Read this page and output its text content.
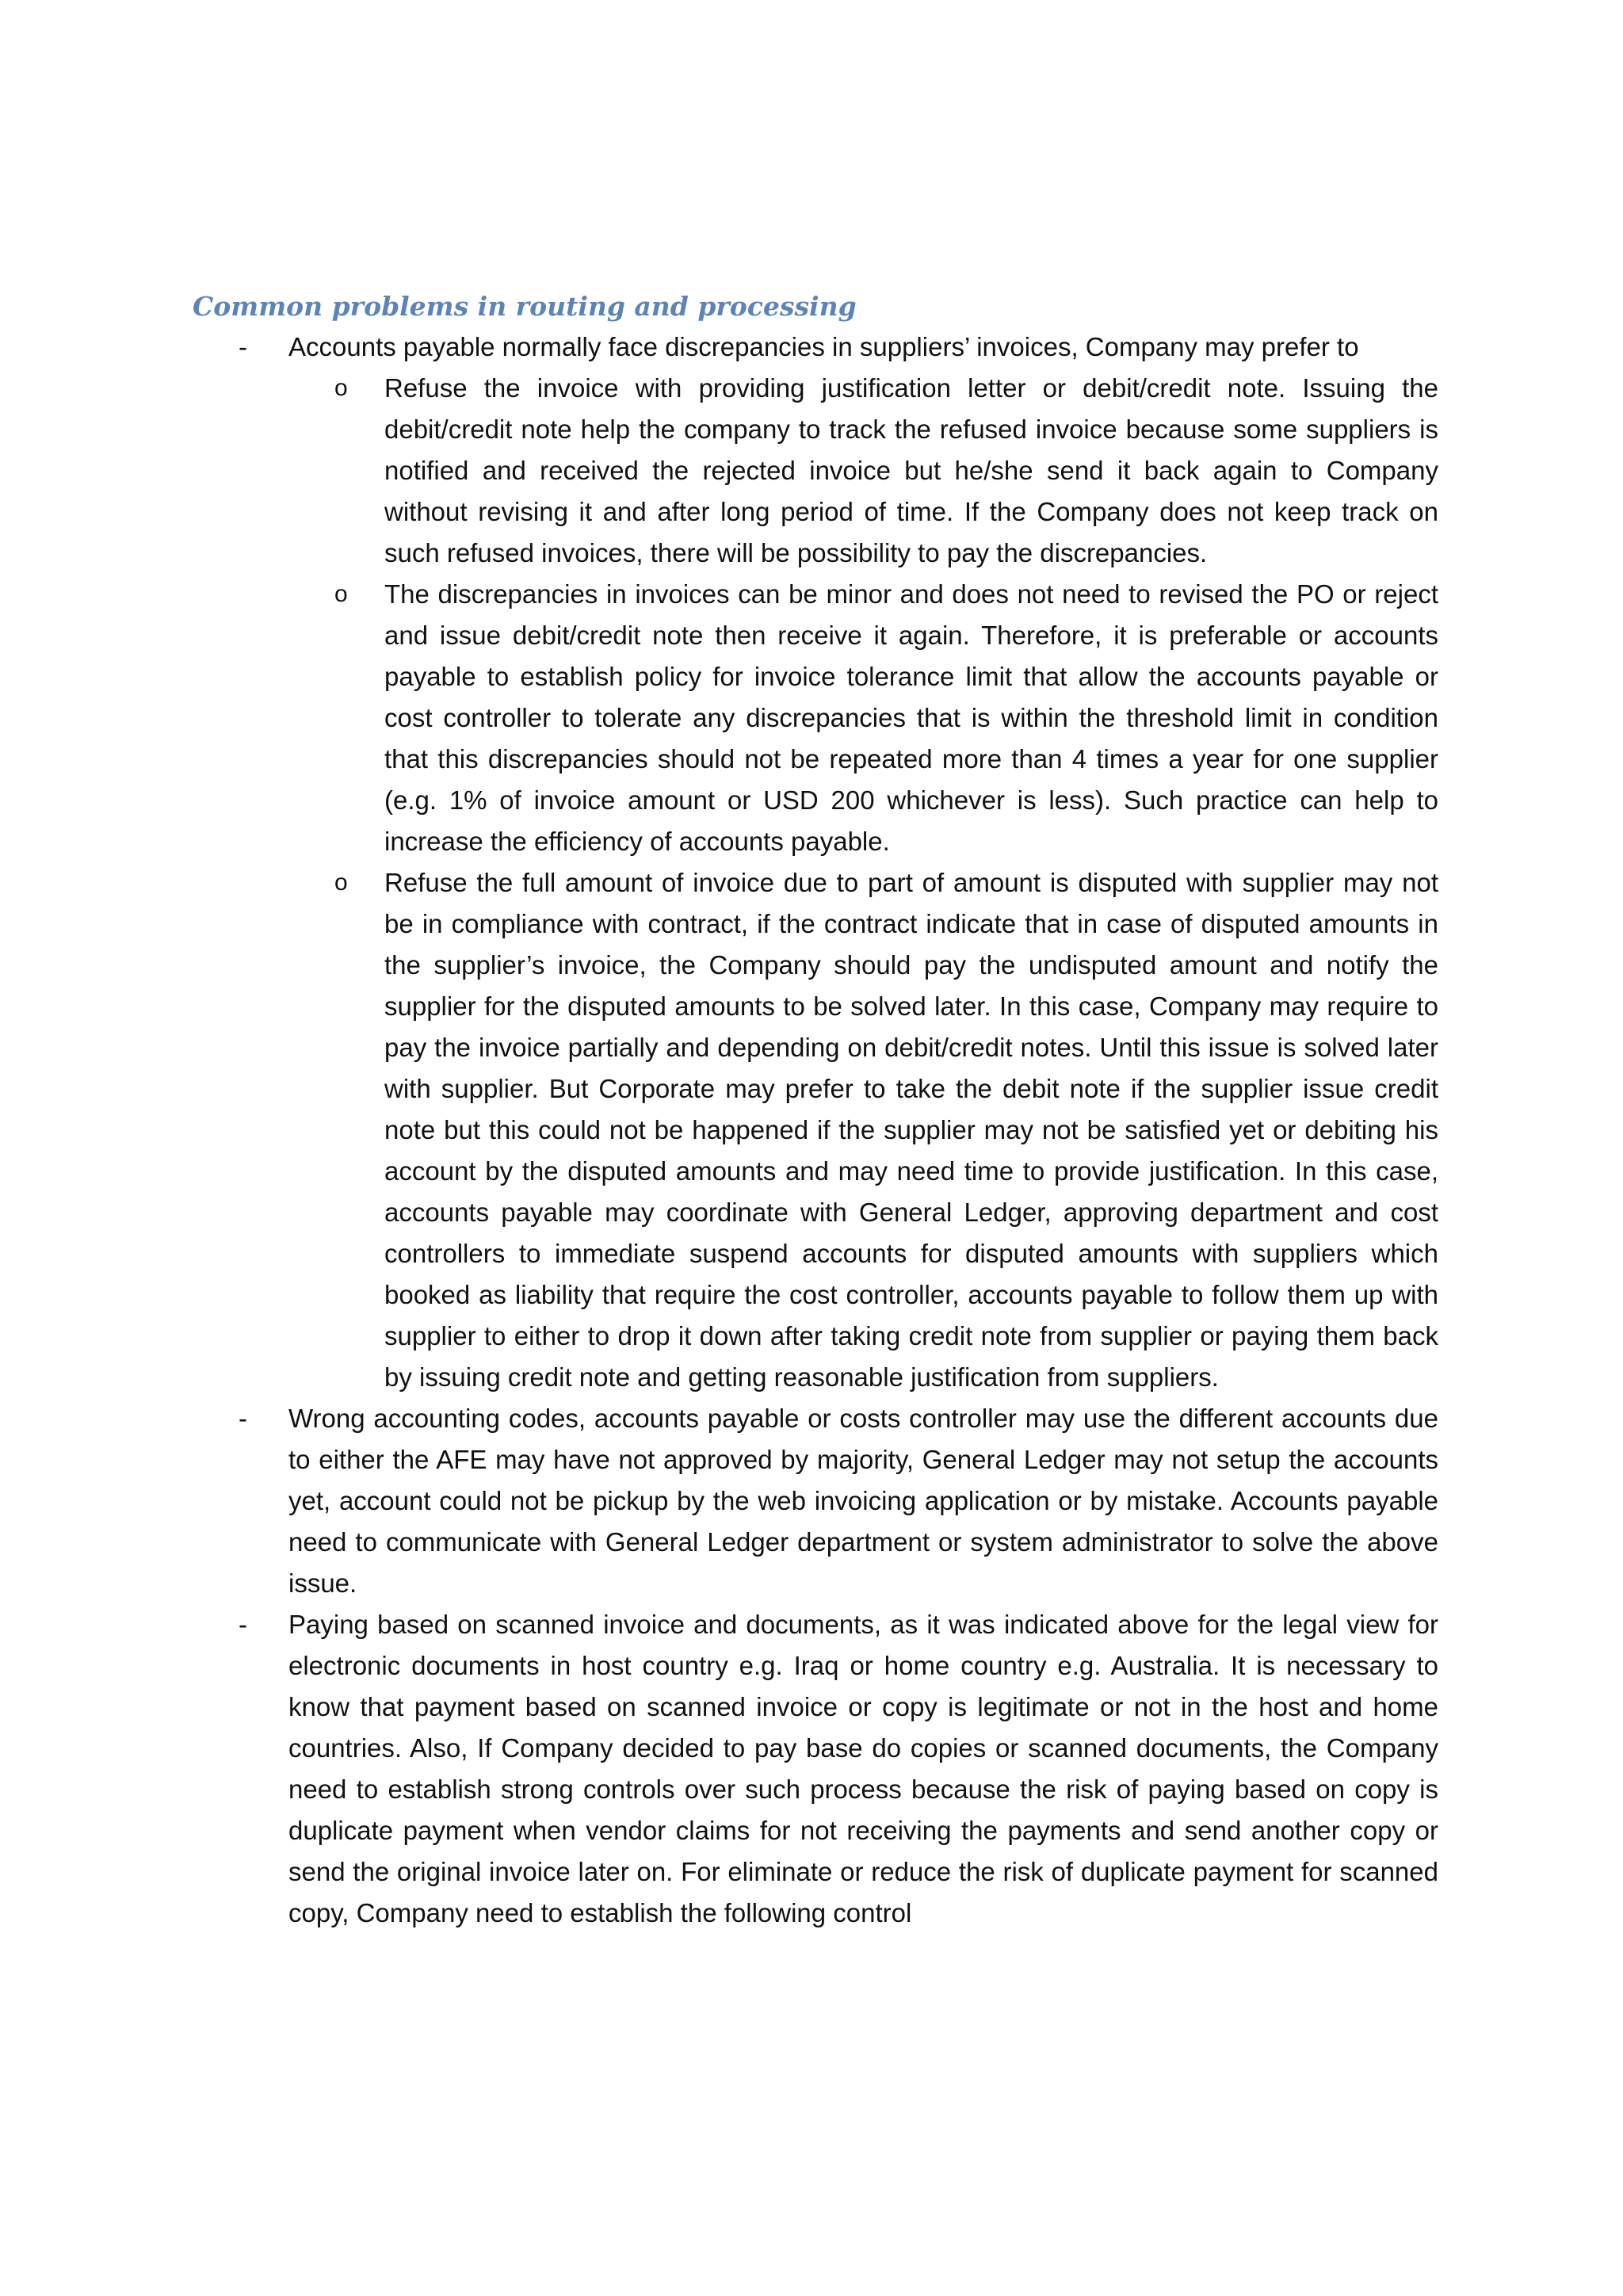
Common problems in routing and processing

- Accounts payable normally face discrepancies in suppliers’ invoices, Company may prefer to

o Refuse the invoice with providing justification letter or debit/credit note. Issuing the debit/credit note help the company to track the refused invoice because some suppliers is notified and received the rejected invoice but he/she send it back again to Company without revising it and after long period of time. If the Company does not keep track on such refused invoices, there will be possibility to pay the discrepancies.

o The discrepancies in invoices can be minor and does not need to revised the PO or reject and issue debit/credit note then receive it again. Therefore, it is preferable or accounts payable to establish policy for invoice tolerance limit that allow the accounts payable or cost controller to tolerate any discrepancies that is within the threshold limit in condition that this discrepancies should not be repeated more than 4 times a year for one supplier (e.g. 1% of invoice amount or USD 200 whichever is less). Such practice can help to increase the efficiency of accounts payable.

o Refuse the full amount of invoice due to part of amount is disputed with supplier may not be in compliance with contract, if the contract indicate that in case of disputed amounts in the supplier’s invoice, the Company should pay the undisputed amount and notify the supplier for the disputed amounts to be solved later. In this case, Company may require to pay the invoice partially and depending on debit/credit notes. Until this issue is solved later with supplier. But Corporate may prefer to take the debit note if the supplier issue credit note but this could not be happened if the supplier may not be satisfied yet or debiting his account by the disputed amounts and may need time to provide justification. In this case, accounts payable may coordinate with General Ledger, approving department and cost controllers to immediate suspend accounts for disputed amounts with suppliers which booked as liability that require the cost controller, accounts payable to follow them up with supplier to either to drop it down after taking credit note from supplier or paying them back by issuing credit note and getting reasonable justification from suppliers.

- Wrong accounting codes, accounts payable or costs controller may use the different accounts due to either the AFE may have not approved by majority, General Ledger may not setup the accounts yet, account could not be pickup by the web invoicing application or by mistake. Accounts payable need to communicate with General Ledger department or system administrator to solve the above issue.

- Paying based on scanned invoice and documents, as it was indicated above for the legal view for electronic documents in host country e.g. Iraq or home country e.g. Australia. It is necessary to know that payment based on scanned invoice or copy is legitimate or not in the host and home countries. Also, If Company decided to pay base do copies or scanned documents, the Company need to establish strong controls over such process because the risk of paying based on copy is duplicate payment when vendor claims for not receiving the payments and send another copy or send the original invoice later on. For eliminate or reduce the risk of duplicate payment for scanned copy, Company need to establish the following control
